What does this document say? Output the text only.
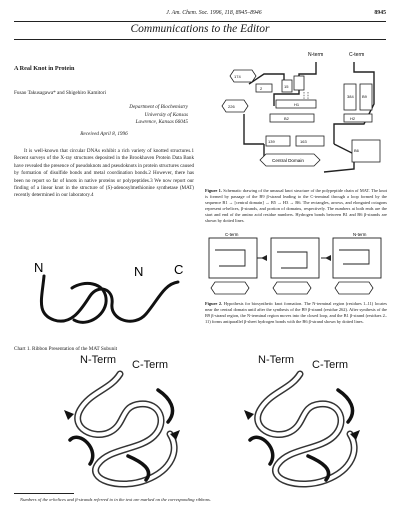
J. Am. Chem. Soc. 1996, 118, 8945–8946	8945
Communications to the Editor
A Real Knot in Protein
Fusao Takusagawa* and Shigehiro Kamitori
Department of Biochemistry
University of Kansas
Lawrence, Kansas 66045
Received April 8, 1996

It is well-known that circular DNAs exhibit a rich variety of knotted structures.1 Recent surveys of the X-ray structures deposited in the Brookhaven Protein Data Bank have revealed the presence of pseudoknots and pseudoknots in protein structures caused by formation of disulfide bonds and metal coordination bonds.2 However, there has been no report so far of knots in native proteins or polypeptides.3 We now report our finding of a linear knot in the structure of (S)-adenosylmethionine synthetase (MAT) recently determined in our laboratory.4

174
226
2	15
H1
B2
384 B9
H2
139	163
B6
N-term	C-term
Central Domain
Figure 1. Schematic drawing of the unusual knot structure of the polypeptide chain of MAT. The knot is formed by passage of the B9 β-strand leading to the C-terminal through a loop formed by the sequence B1 → [central domain] → B5 → H3 → B6. The rectangles, arrows, and elongated octagons represent α-helices, β-strands, and portion of domains, respectively. The numbers at both ends are the start and end of the amino acid residue numbers. Hydrogen bonds between B1 and B6 β-strands are shown by dotted lines.
N	N C
N-term
C-term
Figure 2. Hypothesis for biosynthetic knot formation. The N-terminal region (residues 1–11) locates near the central domain until after the synthesis of the B9 β-strand (residue 262). After synthesis of the B9 β-strand region, the N-terminal region moves into the closed loop, and the B1 β-strand (residues 2–11) forms antiparallel β-sheet hydrogen bonds with the B6 β-strand shown by dotted lines.
Chart 1. Ribbon Presentation of the MAT Subunit
N-Term C-Term	N-Term C-Term
Numbers of the α-helices and β-strands referred to in the text are marked on the corresponding ribbons.
